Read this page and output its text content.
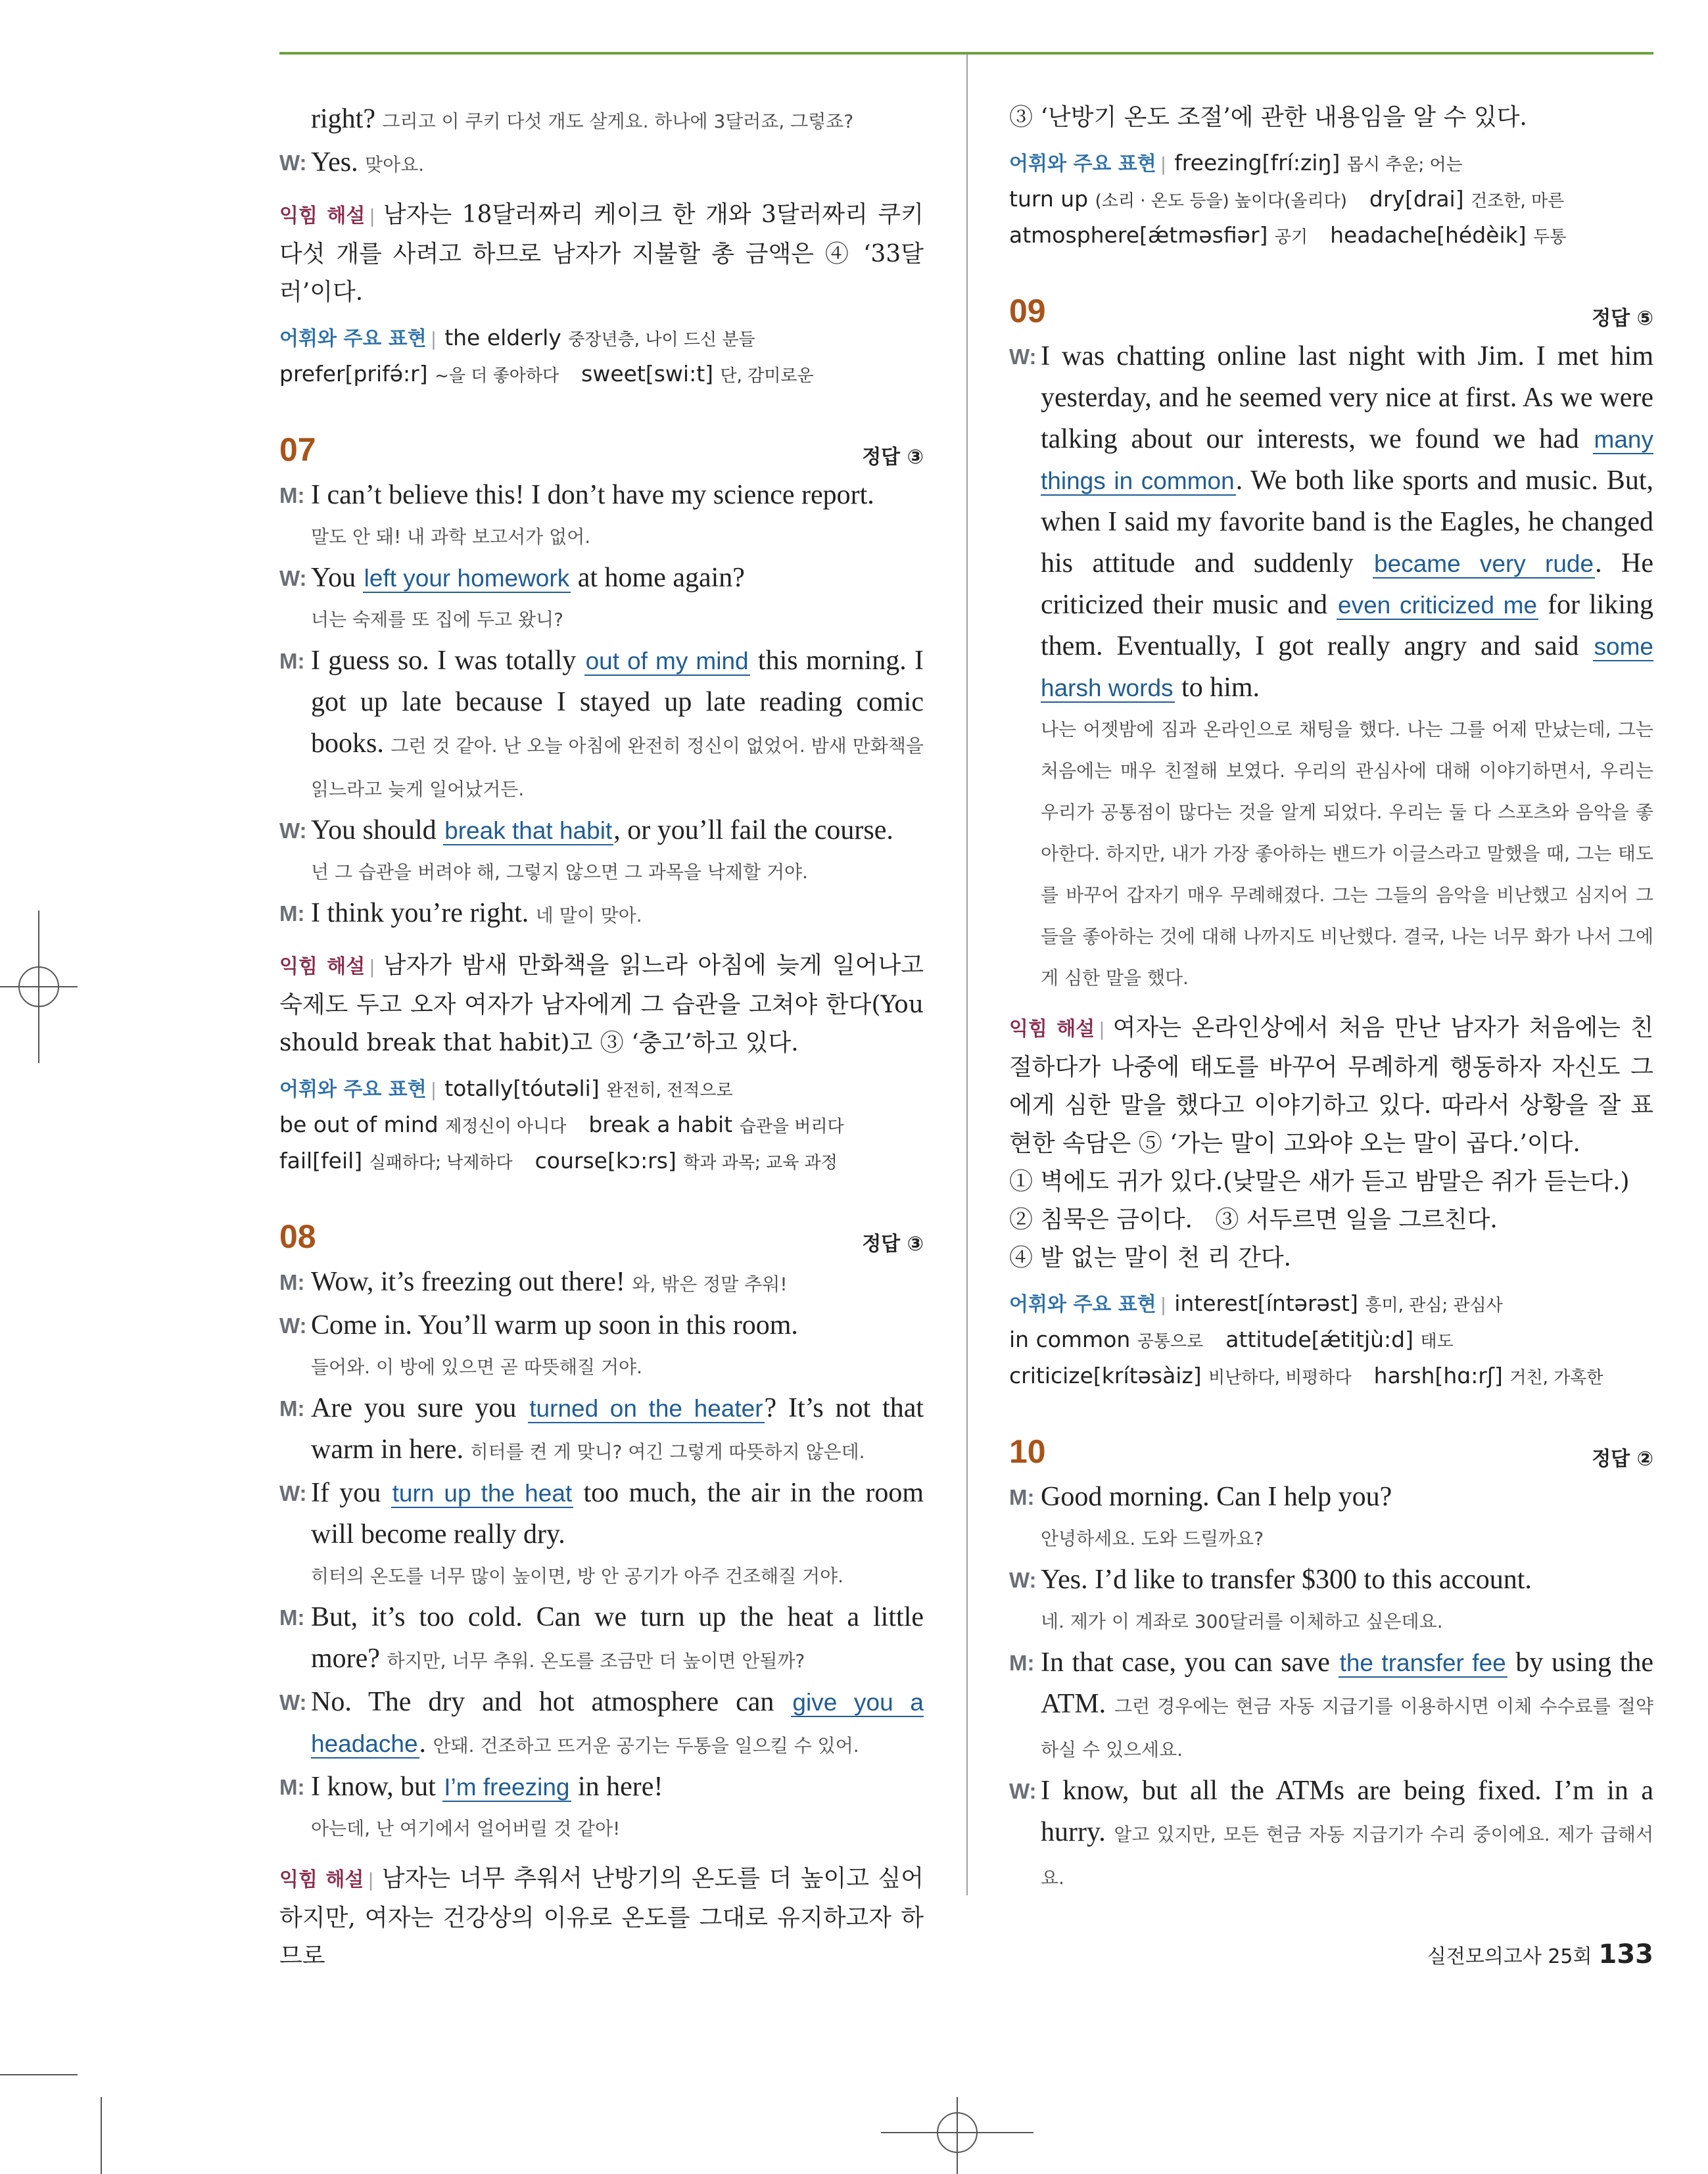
right? 그리고 이 쿠키 다섯 개도 살게요. 하나에 3달러죠, 그렇죠?
W: Yes. 맞아요.
익힘 해설 | 남자는 18달러짜리 케이크 한 개와 3달러짜리 쿠키 다섯 개를 사려고 하므로 남자가 지불할 총 금액은 ④ ‘33달러’이다.
어휘와 주요 표현 | the elderly 중장년층, 나이 드신 분들
prefer[prifə́:r] ~을 더 좋아하다 sweet[swi:t] 단, 감미로운
07	정답 ③
M: I can’t believe this! I don’t have my science report.
말도 안 돼! 내 과학 보고서가 없어.
W: You left your homework at home again?
너는 숙제를 또 집에 두고 왔니?
M: I guess so. I was totally out of my mind this morning. I got up late because I stayed up late reading comic books. 그런 것 같아. 난 오늘 아침에 완전히 정신이 없었어. 밤새 만화책을 읽느라고 늦게 일어났거든.
W: You should break that habit, or you’ll fail the course.
넌 그 습관을 버려야 해, 그렇지 않으면 그 과목을 낙제할 거야.
M: I think you’re right. 네 말이 맞아.
익힘 해설 | 남자가 밤새 만화책을 읽느라 아침에 늦게 일어나고 숙제도 두고 오자 여자가 남자에게 그 습관을 고쳐야 한다(You should break that habit)고 ③ ‘충고’하고 있다.
어휘와 주요 표현 | totally[tóutəli] 완전히, 전적으로
be out of mind 제정신이 아니다 break a habit 습관을 버리다
fail[feil] 실패하다; 낙제하다 course[kɔ:rs] 학과 과목; 교육 과정
08	정답 ③
M: Wow, it’s freezing out there! 와, 밖은 정말 추워!
W: Come in. You’ll warm up soon in this room.
들어와. 이 방에 있으면 곧 따뜻해질 거야.
M: Are you sure you turned on the heater? It’s not that warm in here. 히터를 켠 게 맞니? 여긴 그렇게 따뜻하지 않은데.
W: If you turn up the heat too much, the air in the room will become really dry.
히터의 온도를 너무 많이 높이면, 방 안 공기가 아주 건조해질 거야.
M: But, it’s too cold. Can we turn up the heat a little more? 하지만, 너무 추워. 온도를 조금만 더 높이면 안될까?
W: No. The dry and hot atmosphere can give you a headache. 안돼. 건조하고 뜨거운 공기는 두통을 일으킬 수 있어.
M: I know, but I’m freezing in here!
아는데, 난 여기에서 얼어버릴 것 같아!
익힘 해설 | 남자는 너무 추워서 난방기의 온도를 더 높이고 싶어 하지만, 여자는 건강상의 이유로 온도를 그대로 유지하고자 하므로
③ ‘난방기 온도 조절’에 관한 내용임을 알 수 있다.
어휘와 주요 표현 | freezing[frí:ziŋ] 몹시 추운; 어는
turn up (소리 · 온도 등을) 높이다(올리다) dry[drai] 건조한, 마른
atmosphere[ǽtməsfiər] 공기 headache[hédèik] 두통
09	정답 ⑤
W: I was chatting online last night with Jim. I met him yesterday, and he seemed very nice at first. As we were talking about our interests, we found we had many things in common. We both like sports and music. But, when I said my favorite band is the Eagles, he changed his attitude and suddenly became very rude. He criticized their music and even criticized me for liking them. Eventually, I got really angry and said some harsh words to him.
나는 어젯밤에 짐과 온라인으로 채팅을 했다. 나는 그를 어제 만났는데, 그는 처음에는 매우 친절해 보였다. 우리의 관심사에 대해 이야기하면서, 우리는 우리가 공통점이 많다는 것을 알게 되었다. 우리는 둘 다 스포츠와 음악을 좋아한다. 하지만, 내가 가장 좋아하는 밴드가 이글스라고 말했을 때, 그는 태도를 바꾸어 갑자기 매우 무례해졌다. 그는 그들의 음악을 비난했고 심지어 그들을 좋아하는 것에 대해 나까지도 비난했다. 결국, 나는 너무 화가 나서 그에게 심한 말을 했다.
익힘 해설 | 여자는 온라인상에서 처음 만난 남자가 처음에는 친절하다가 나중에 태도를 바꾸어 무례하게 행동하자 자신도 그에게 심한 말을 했다고 이야기하고 있다. 따라서 상황을 잘 표현한 속담은 ⑤ ‘가는 말이 고와야 오는 말이 곱다.’이다.
① 벽에도 귀가 있다.(낮말은 새가 듣고 밤말은 쥐가 듣는다.)
② 침묵은 금이다. ③ 서두르면 일을 그르친다.
④ 발 없는 말이 천 리 간다.
어휘와 주요 표현 | interest[íntərəst] 흥미, 관심; 관심사
in common 공통으로 attitude[ǽtitjù:d] 태도
criticize[krítəsàiz] 비난하다, 비평하다 harsh[hɑ:rʃ] 거친, 가혹한
10	정답 ②
M: Good morning. Can I help you?
안녕하세요. 도와 드릴까요?
W: Yes. I’d like to transfer $300 to this account.
네. 제가 이 계좌로 300달러를 이체하고 싶은데요.
M: In that case, you can save the transfer fee by using the ATM. 그런 경우에는 현금 자동 지급기를 이용하시면 이체 수수료를 절약하실 수 있으세요.
W: I know, but all the ATMs are being fixed. I’m in a hurry. 알고 있지만, 모든 현금 자동 지급기가 수리 중이에요. 제가 급해서요.
실전모의고사 25회 133
